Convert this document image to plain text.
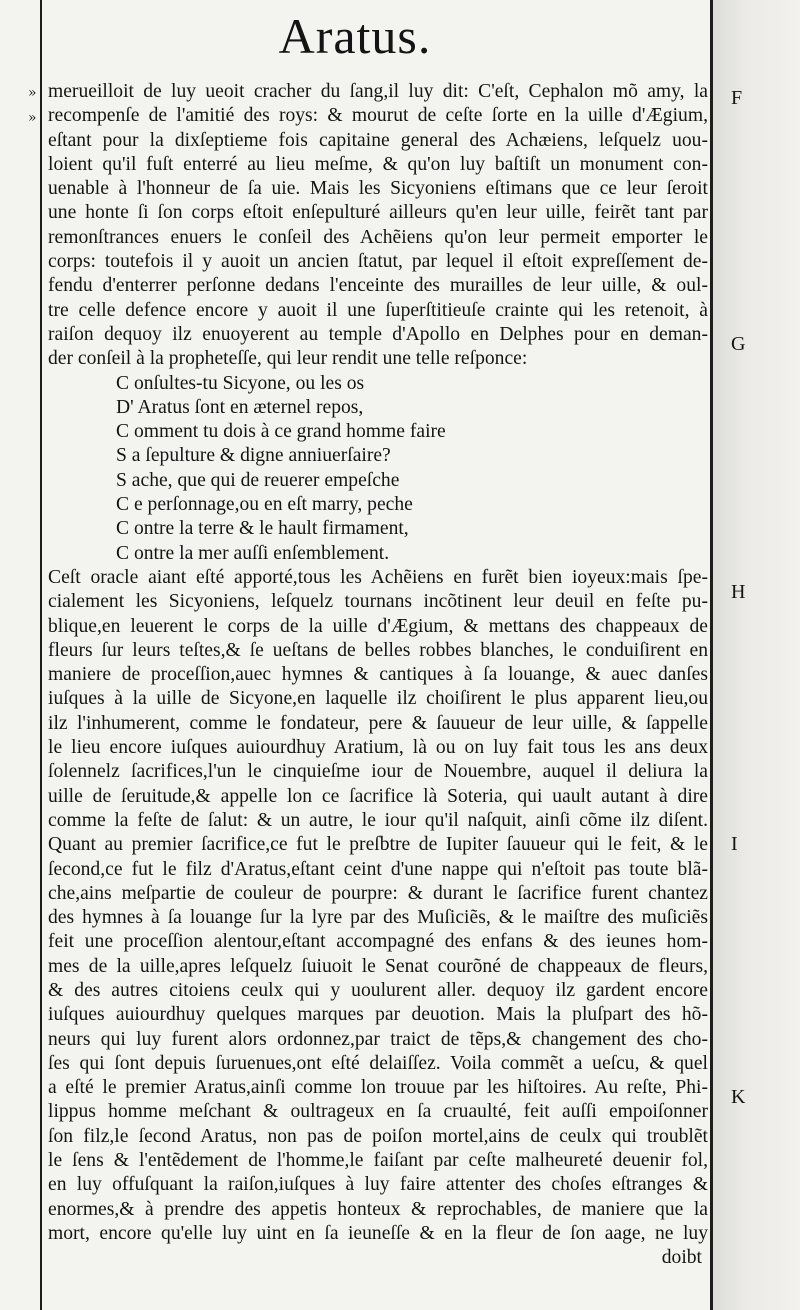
Aratus.
»
»
F
G
H
I
K
merueilloit de luy ueoit cracher du ſang,il luy dit: C'eſt, Cephalon mõ amy, la
recompenſe de l'amitié des roys: & mourut de ceſte ſorte en la uille d'Ægium,
eſtant pour la dixſeptieme fois capitaine general des Achæiens, leſquelz uou-
loient qu'il fuſt enterré au lieu meſme, & qu'on luy baſtiſt un monument con-
uenable à l'honneur de ſa uie. Mais les Sicyoniens eſtimans que ce leur ſeroit
une honte ſi ſon corps eſtoit enſepulturé ailleurs qu'en leur uille, feirẽt tant par
remonſtrances enuers le conſeil des Achẽiens qu'on leur permeit emporter le
corps: toutefois il y auoit un ancien ſtatut, par lequel il eſtoit expreſſement de-
fendu d'enterrer perſonne dedans l'enceinte des murailles de leur uille, & oul-
tre celle defence encore y auoit il une ſuperſtitieuſe crainte qui les retenoit, à
raiſon dequoy ilz enuoyerent au temple d'Apollo en Delphes pour en deman-
der conſeil à la propheteſſe, qui leur rendit une telle reſponce:
C onſultes-tu Sicyone, ou les os
D' Aratus ſont en æternel repos,
C omment tu dois à ce grand homme faire
S a ſepulture & digne anniuerſaire?
S ache, que qui de reuerer empeſche
C e perſonnage,ou en eſt marry, peche
C ontre la terre & le hault firmament,
C ontre la mer auſſi enſemblement.
Ceſt oracle aiant eſté apporté,tous les Achẽiens en furẽt bien ioyeux:mais ſpe-
cialement les Sicyoniens, leſquelz tournans incõtinent leur deuil en feſte pu-
blique,en leuerent le corps de la uille d'Ægium, & mettans des chappeaux de
fleurs ſur leurs teſtes,& ſe ueſtans de belles robbes blanches, le conduiſirent en
maniere de proceſſion,auec hymnes & cantiques à ſa louange, & auec danſes
iuſques à la uille de Sicyone,en laquelle ilz choiſirent le plus apparent lieu,ou
ilz l'inhumerent, comme le fondateur, pere & ſauueur de leur uille, & ſappelle
le lieu encore iuſques auiourdhuy Aratium, là ou on luy fait tous les ans deux
ſolennelz ſacrifices,l'un le cinquieſme iour de Nouembre, auquel il deliura la
uille de ſeruitude,& appelle lon ce ſacrifice là Soteria, qui uault autant à dire
comme la feſte de ſalut: & un autre, le iour qu'il naſquit, ainſi cõme ilz diſent.
Quant au premier ſacrifice,ce fut le preſbtre de Iupiter ſauueur qui le feit, & le
ſecond,ce fut le filz d'Aratus,eſtant ceint d'une nappe qui n'eſtoit pas toute blã-
che,ains meſpartie de couleur de pourpre: & durant le ſacrifice furent chantez
des hymnes à ſa louange ſur la lyre par des Muſiciẽs, & le maiſtre des muſiciẽs
feit une proceſſion alentour,eſtant accompagné des enfans & des ieunes hom-
mes de la uille,apres leſquelz ſuiuoit le Senat courõné de chappeaux de fleurs,
& des autres citoiens ceulx qui y uoulurent aller. dequoy ilz gardent encore
iuſques auiourdhuy quelques marques par deuotion. Mais la pluſpart des hõ-
neurs qui luy furent alors ordonnez,par traict de tẽps,& changement des cho-
ſes qui ſont depuis ſuruenues,ont eſté delaiſſez. Voila commẽt a ueſcu, & quel
a eſté le premier Aratus,ainſi comme lon trouue par les hiſtoires. Au reſte, Phi-
lippus homme meſchant & oultrageux en ſa cruaulté, feit auſſi empoiſonner
ſon filz,le ſecond Aratus, non pas de poiſon mortel,ains de ceulx qui troublẽt
le ſens & l'entẽdement de l'homme,le faiſant par ceſte malheureté deuenir fol,
en luy offuſquant la raiſon,iuſques à luy faire attenter des choſes eſtranges &
enormes,& à prendre des appetis honteux & reprochables, de maniere que la
mort, encore qu'elle luy uint en ſa ieuneſſe & en la fleur de ſon aage, ne luy
doibt
